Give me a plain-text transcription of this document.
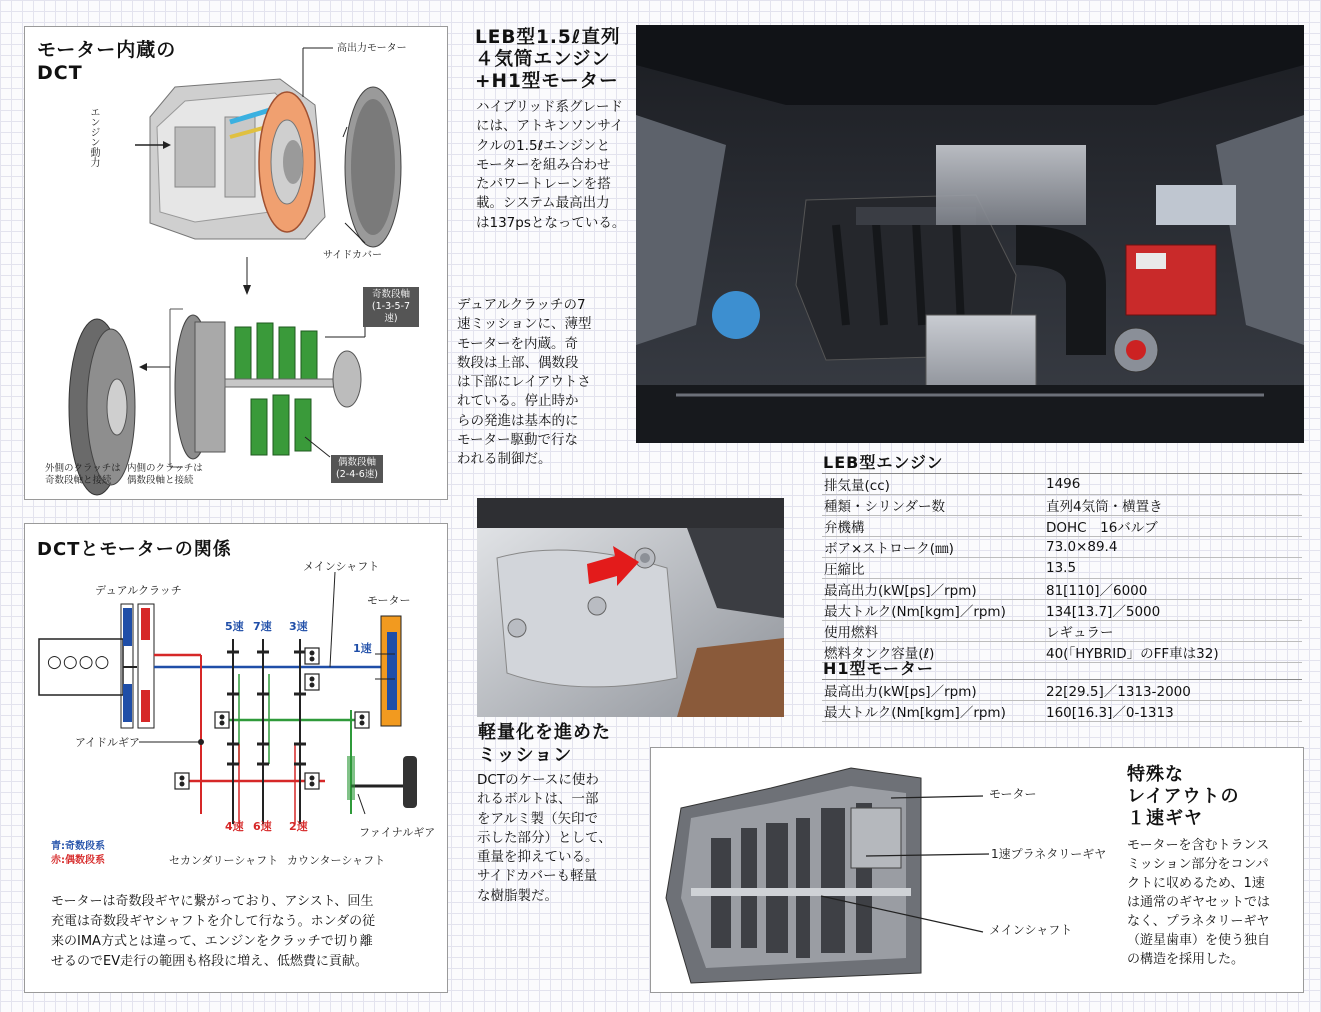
モーター内蔵の
DCT
高出力モーター
エンジン動力
サイドカバー
奇数段軸
(1-3-5-7速)
偶数段軸
(2-4-6速)
外側のクラッチは
奇数段軸と接続
内側のクラッチは
偶数段軸と接続
DCTとモーターの関係
○○○○
メインシャフト
デュアルクラッチ
モーター
5速 7速 3速
1速
4速 6速 2速
アイドルギア
ファイナルギア
セカンダリーシャフト カウンターシャフト
青:奇数段系
赤:偶数段系
モーターは奇数段ギヤに繋がっており、アシスト、回生
充電は奇数段ギヤシャフトを介して行なう。ホンダの従
来のIMA方式とは違って、エンジンをクラッチで切り離
せるのでEV走行の範囲も格段に増え、低燃費に貢献。
LEB型1.5ℓ直列
４気筒エンジン
+H1型モーター
ハイブリッド系グレード
には、アトキンソンサイ
クルの1.5ℓエンジンと
モーターを組み合わせ
たパワートレーンを搭
載。システム最高出力
は137psとなっている。
デュアルクラッチの7
速ミッションに、薄型
モーターを内蔵。奇
数段は上部、偶数段
は下部にレイアウトさ
れている。停止時か
らの発進は基本的に
モーター駆動で行な
われる制御だ。
軽量化を進めた
ミッション
DCTのケースに使わ
れるボルトは、一部
をアルミ製（矢印で
示した部分）として、
重量を抑えている。
サイドカバーも軽量
な樹脂製だ。
LEB型エンジン
排気量(cc)	1496
種類・シリンダー数	直列4気筒・横置き
弁機構	DOHC　16バルブ
ボア×ストローク(㎜)	73.0×89.4
圧縮比	13.5
最高出力(kW[ps]／rpm)	81[110]／6000
最大トルク(Nm[kgm]／rpm)	134[13.7]／5000
使用燃料	レギュラー
燃料タンク容量(ℓ)	40(「HYBRID」のFF車は32)
H1型モーター
最高出力(kW[ps]／rpm)	22[29.5]／1313-2000
最大トルク(Nm[kgm]／rpm)	160[16.3]／0-1313
モーター
1速プラネタリーギヤ
メインシャフト
特殊な
レイアウトの
１速ギヤ
モーターを含むトランス
ミッション部分をコンパ
クトに収めるため、1速
は通常のギヤセットでは
なく、プラネタリーギヤ
（遊星歯車）を使う独自
の構造を採用した。
